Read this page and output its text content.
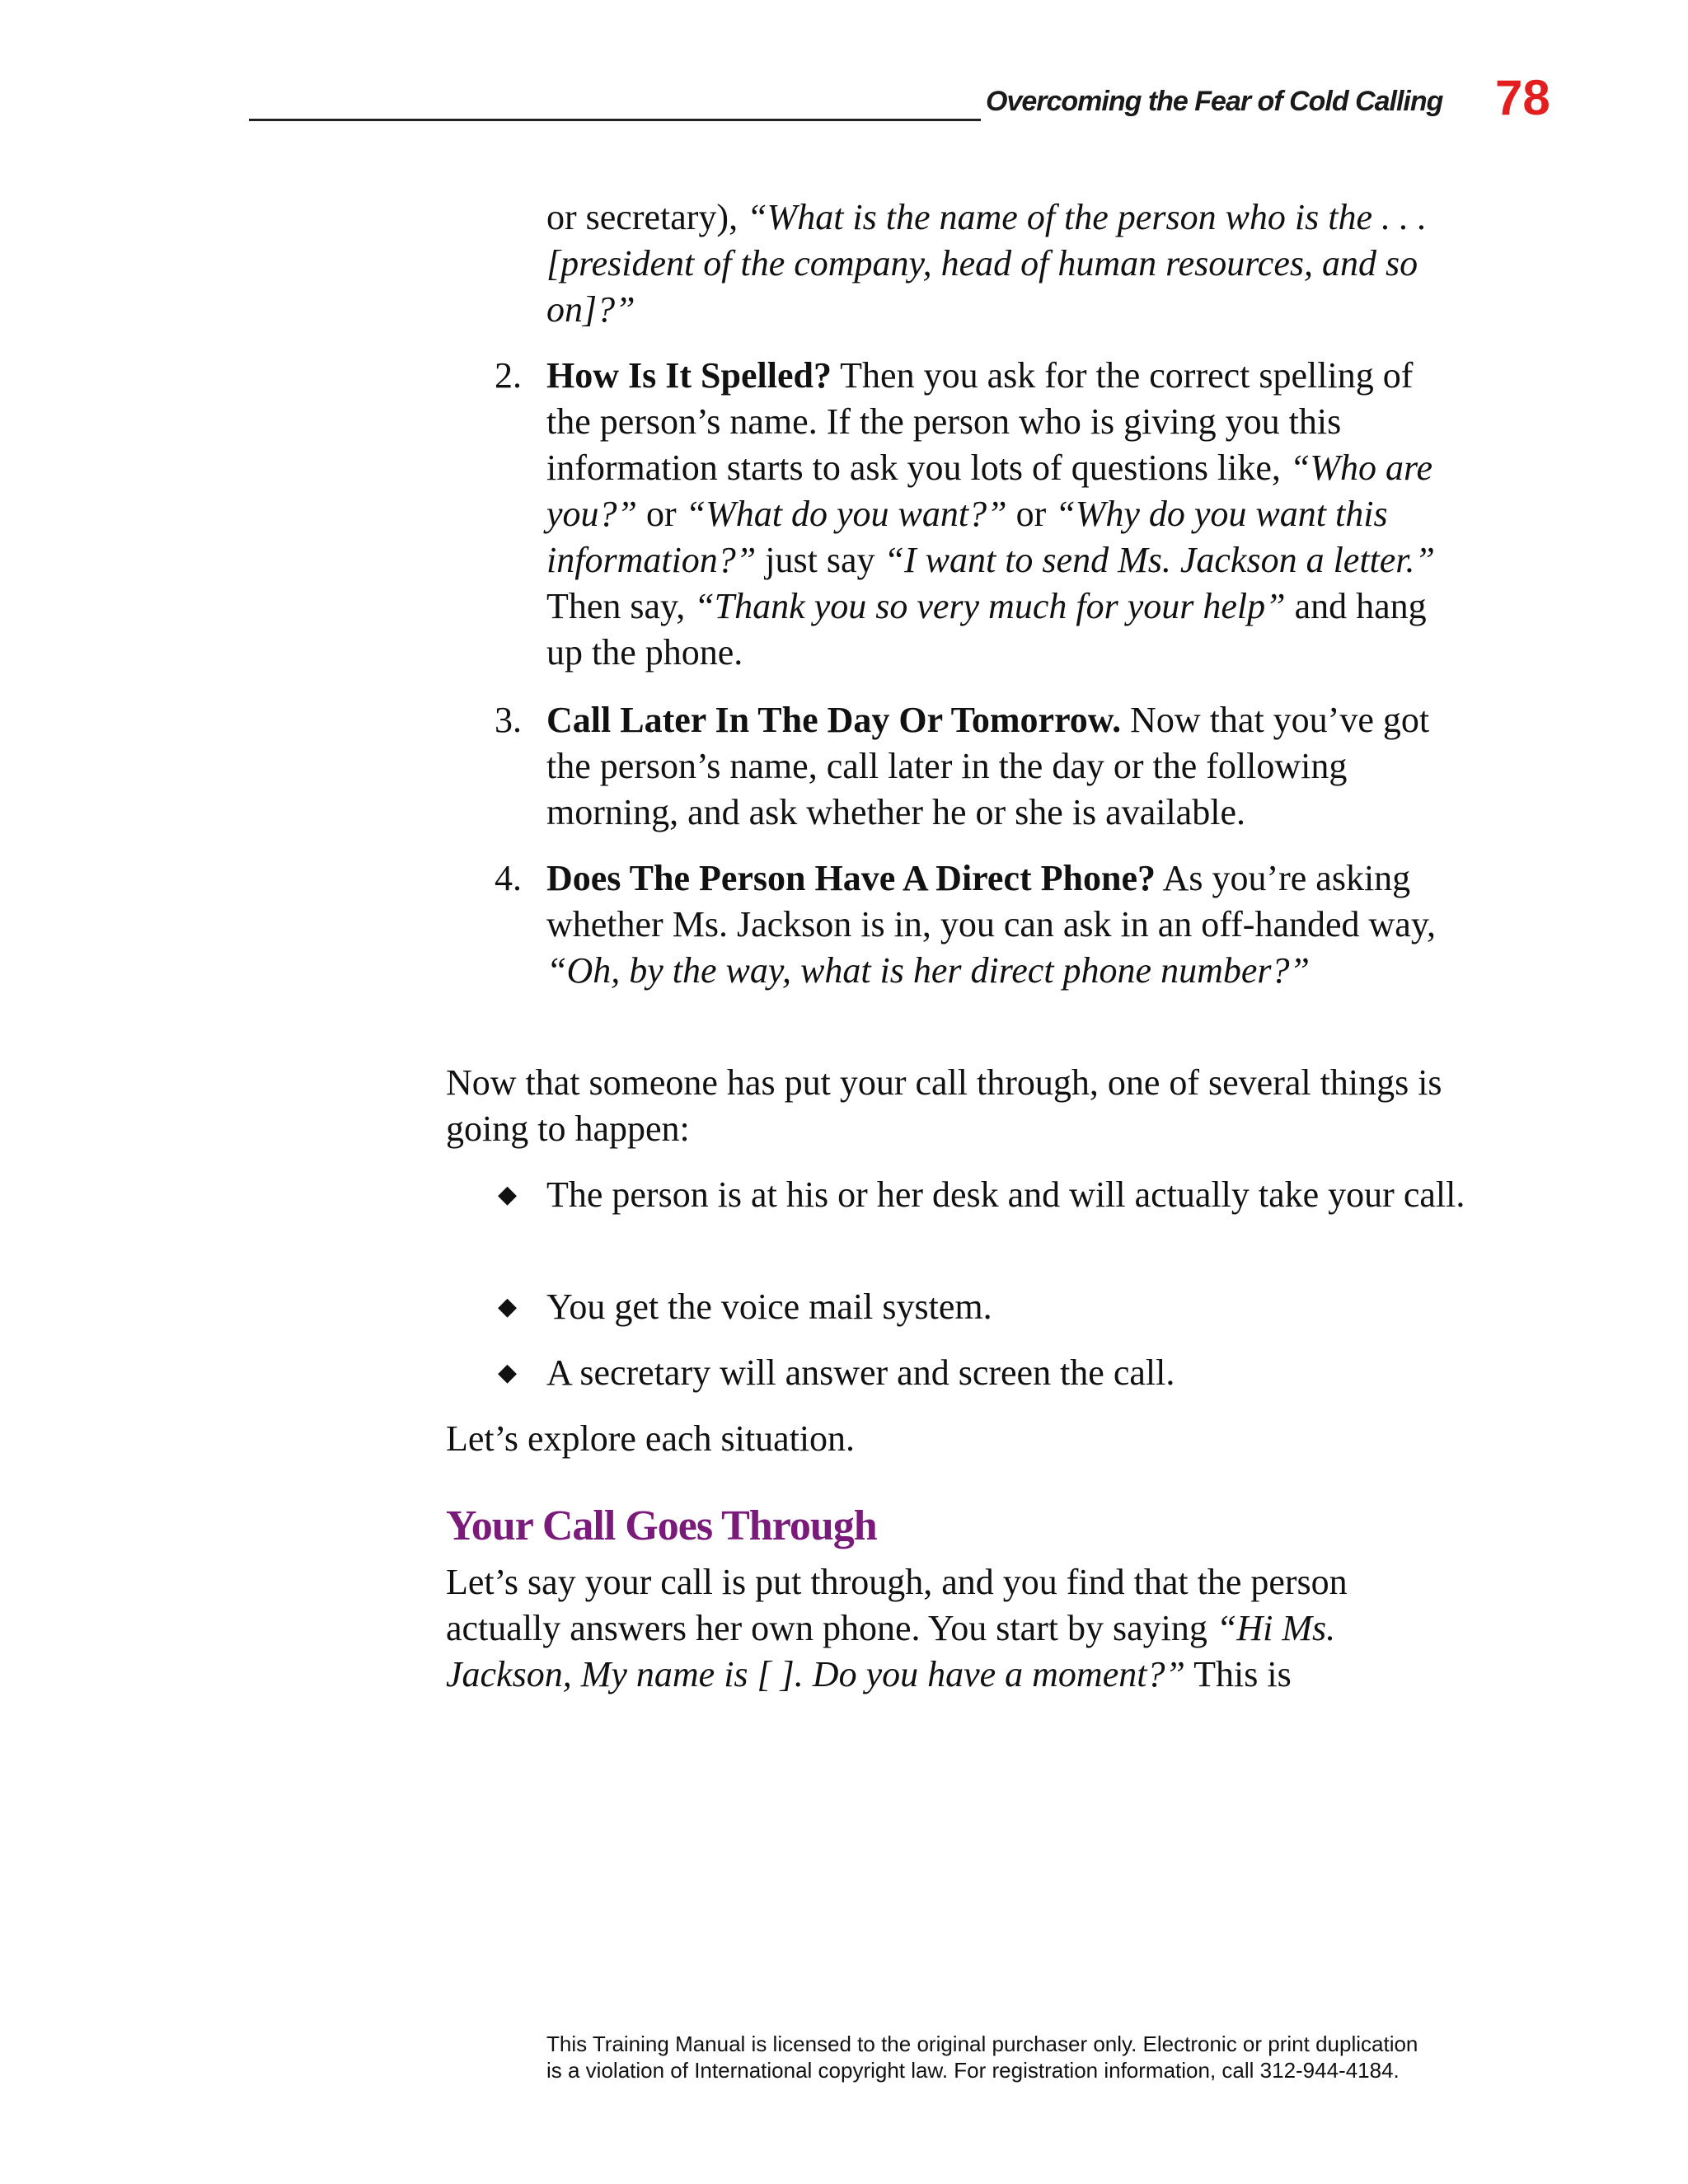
Overcoming the Fear of Cold Calling 78

or secretary), “What is the name of the person who is the . . . [president of the company, head of human resources, and so on]?”

2. How Is It Spelled? Then you ask for the correct spelling of the person’s name. If the person who is giving you this information starts to ask you lots of questions like, “Who are you?” or “What do you want?” or “Why do you want this information?” just say “I want to send Ms. Jackson a letter.” Then say, “Thank you so very much for your help” and hang up the phone.

3. Call Later In The Day Or Tomorrow. Now that you’ve got the person’s name, call later in the day or the following morning, and ask whether he or she is available.

4. Does The Person Have A Direct Phone? As you’re asking whether Ms. Jackson is in, you can ask in an off-handed way, “Oh, by the way, what is her direct phone number?”

Now that someone has put your call through, one of several things is going to happen:

◆ The person is at his or her desk and will actually take your call.

◆ You get the voice mail system.

◆ A secretary will answer and screen the call.

Let’s explore each situation.

Your Call Goes Through

Let’s say your call is put through, and you find that the person actually answers her own phone. You start by saying “Hi Ms. Jackson, My name is [ ]. Do you have a moment?” This is

This Training Manual is licensed to the original purchaser only. Electronic or print duplication
is a violation of International copyright law. For registration information, call 312-944-4184.
